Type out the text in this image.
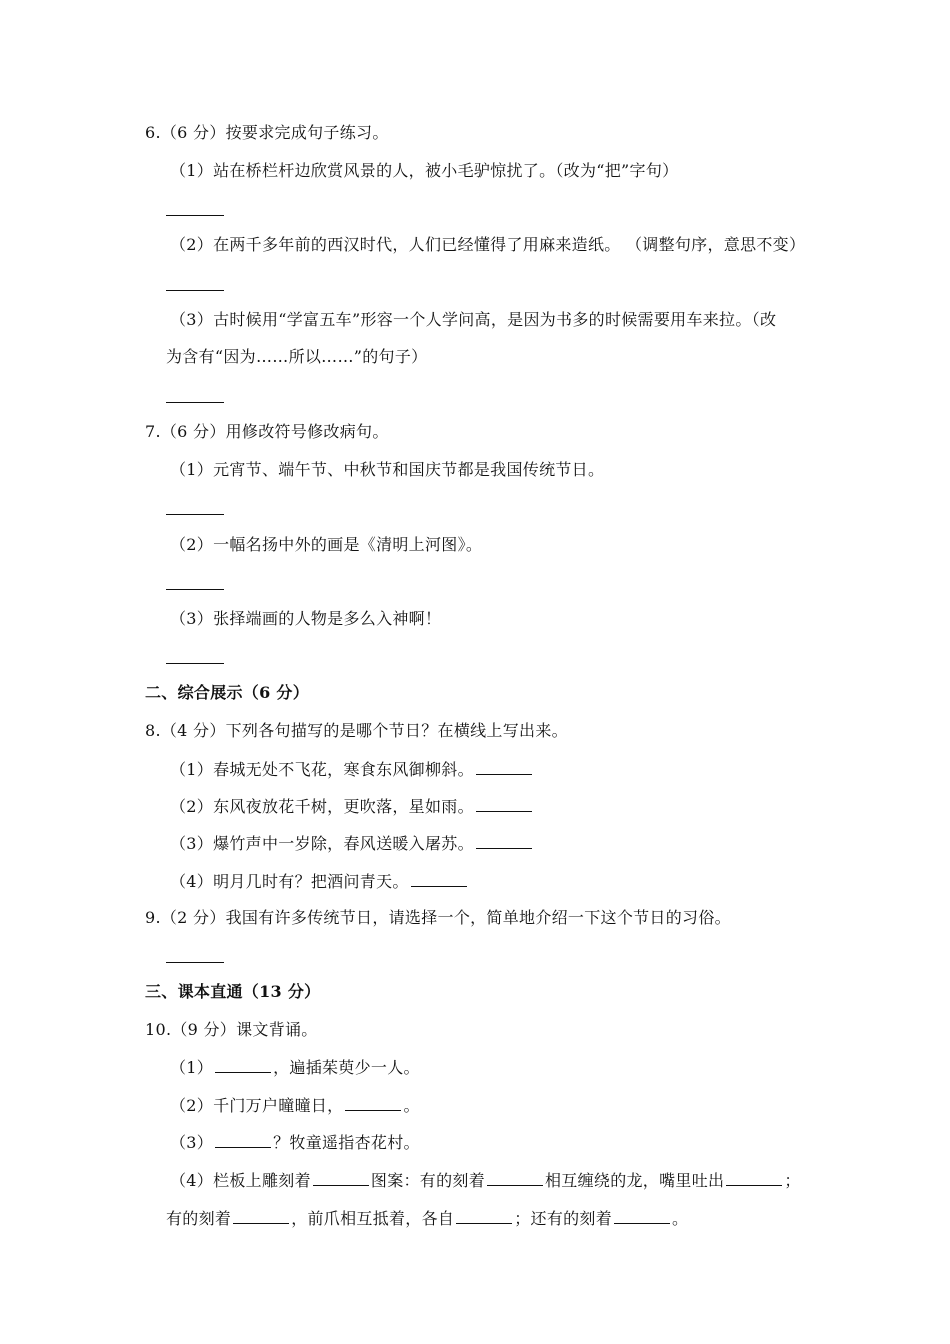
6.（6 分）按要求完成句子练习。
（1）站在桥栏杆边欣赏风景的人，被小毛驴惊扰了。（改为“把”字句）
（2）在两千多年前的西汉时代，人们已经懂得了用麻来造纸。 （调整句序，意思不变）
（3）古时候用“学富五车”形容一个人学问高，是因为书多的时候需要用车来拉。（改
为含有“因为……所以……”的句子）
7.（6 分）用修改符号修改病句。
（1）元宵节、端午节、中秋节和国庆节都是我国传统节日。
（2）一幅名扬中外的画是《清明上河图》。
（3）张择端画的人物是多么入神啊！
二、综合展示（6 分）
8.（4 分）下列各句描写的是哪个节日？在横线上写出来。
（1）春城无处不飞花，寒食东风御柳斜。
（2）东风夜放花千树，更吹落，星如雨。
（3）爆竹声中一岁除，春风送暖入屠苏。
（4）明月几时有？把酒问青天。
9.（2 分）我国有许多传统节日，请选择一个，简单地介绍一下这个节日的习俗。
三、课本直通（13 分）
10.（9 分）课文背诵。
（1）	，遍插茱萸少一人。
（2）千门万户曈曈日，	。
（3）	？牧童遥指杏花村。
（4）栏板上雕刻着	图案：有的刻着	相互缠绕的龙，嘴里吐出	；
有的刻着	，前爪相互抵着，各自	；还有的刻着	。
